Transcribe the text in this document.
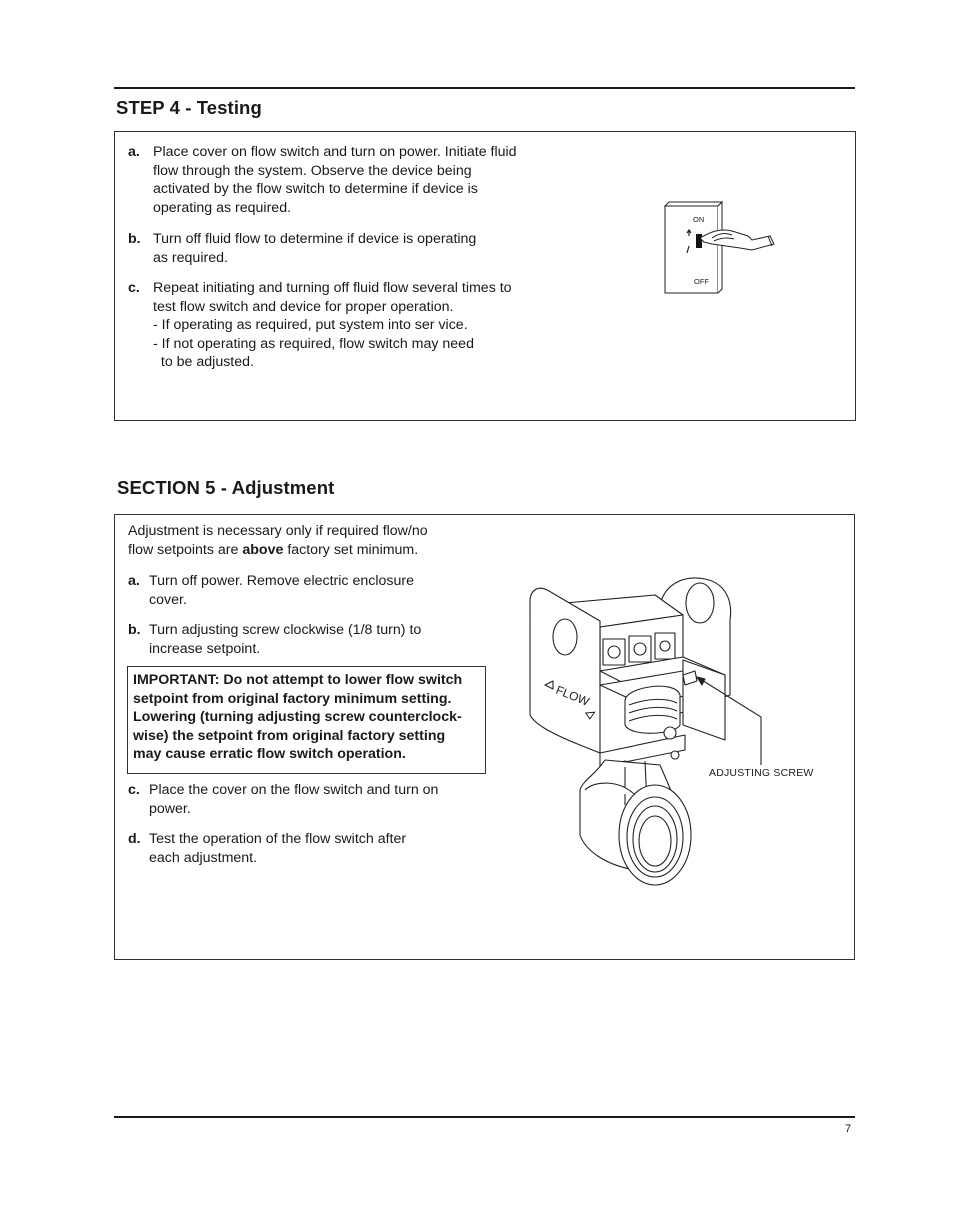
STEP 4 - Testing
a. Place cover on flow switch and turn on power. Initiate fluid
flow through the system. Observe the device being
activated by the flow switch to determine if device is
operating as required.
b. Turn off fluid flow to determine if device is operating
as required.
c. Repeat initiating and turning off fluid flow several times to
test flow switch and device for proper operation.
- If operating as required, put system into ser vice.
- If not operating as required, flow switch may need
to be adjusted.
ON
OFF
SECTION 5 - Adjustment
Adjustment is necessary only if required flow/no
flow setpoints are above factory set minimum.
a. Turn off power. Remove electric enclosure
cover.
b. Turn adjusting screw clockwise (1/8 turn) to
increase setpoint.
IMPORTANT: Do not attempt to lower flow switch
setpoint from original factory minimum setting.
Lowering (turning adjusting screw counterclock-
wise) the setpoint from original factory setting
may cause erratic flow switch operation.
c. Place the cover on the flow switch and turn on
power.
d. Test the operation of the flow switch after
each adjustment.
FLOW
ADJUSTING SCREW
7
